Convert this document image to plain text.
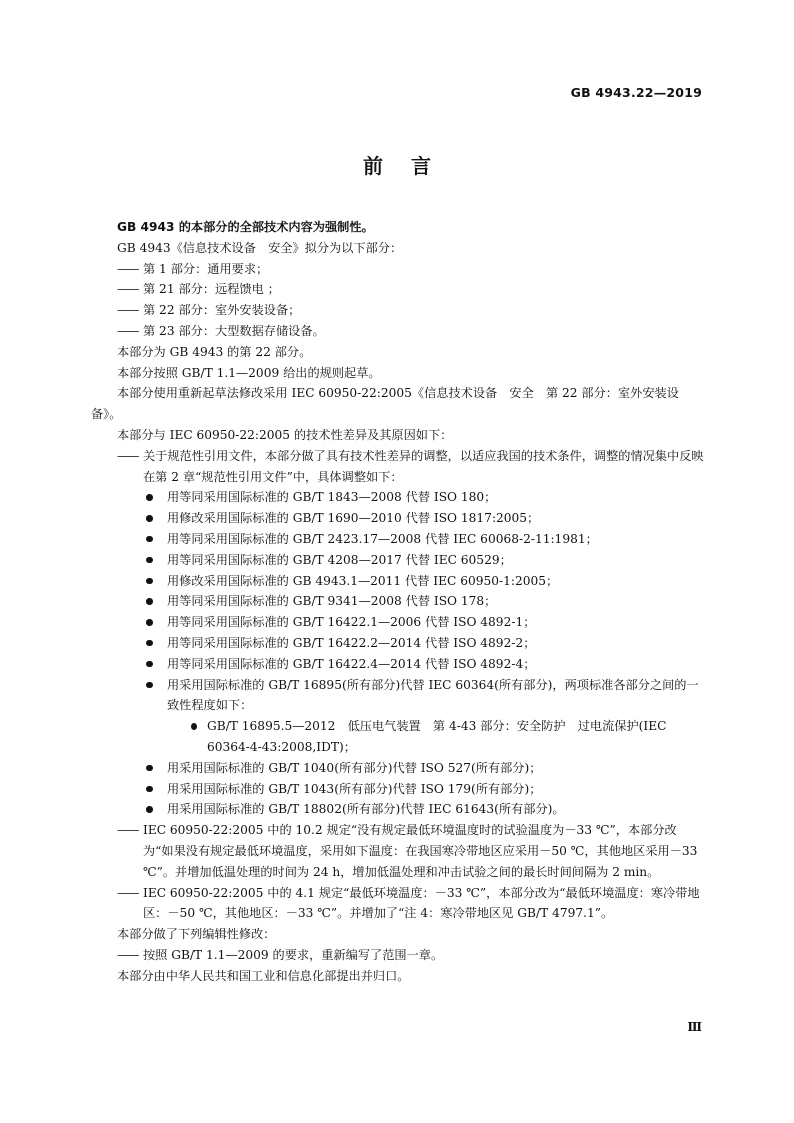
GB 4943.22—2019
前言

GB 4943 的本部分的全部技术内容为强制性。

GB 4943《信息技术设备　安全》拟分为以下部分：

—— 第 1 部分：通用要求；

—— 第 21 部分：远程馈电 ；

—— 第 22 部分：室外安装设备；

—— 第 23 部分：大型数据存储设备。

本部分为 GB 4943 的第 22 部分。

本部分按照 GB/T 1.1—2009 给出的规则起草。

本部分使用重新起草法修改采用 IEC 60950-22:2005《信息技术设备　安全　第 22 部分：室外安装设备》。

本部分与 IEC 60950-22:2005 的技术性差异及其原因如下：

—— 关于规范性引用文件，本部分做了具有技术性差异的调整，以适应我国的技术条件，调整的情况集中反映在第 2 章“规范性引用文件”中，具体调整如下：

用等同采用国际标准的 GB/T 1843—2008 代替 ISO 180；
用修改采用国际标准的 GB/T 1690—2010 代替 ISO 1817:2005；
用等同采用国际标准的 GB/T 2423.17—2008 代替 IEC 60068-2-11:1981；
用等同采用国际标准的 GB/T 4208—2017 代替 IEC 60529；
用修改采用国际标准的 GB 4943.1—2011 代替 IEC 60950-1:2005；
用等同采用国际标准的 GB/T 9341—2008 代替 ISO 178；
用等同采用国际标准的 GB/T 16422.1—2006 代替 ISO 4892-1；
用等同采用国际标准的 GB/T 16422.2—2014 代替 ISO 4892-2；
用等同采用国际标准的 GB/T 16422.4—2014 代替 ISO 4892-4；
用采用国际标准的 GB/T 16895(所有部分)代替 IEC 60364(所有部分)，两项标准各部分之间的一致性程度如下：
GB/T 16895.5—2012　低压电气装置　第 4-43 部分：安全防护　过电流保护(IEC 60364-4-43:2008,IDT)；
用采用国际标准的 GB/T 1040(所有部分)代替 ISO 527(所有部分)；
用采用国际标准的 GB/T 1043(所有部分)代替 ISO 179(所有部分)；
用采用国际标准的 GB/T 18802(所有部分)代替 IEC 61643(所有部分)。

—— IEC 60950-22:2005 中的 10.2 规定“没有规定最低环境温度时的试验温度为－33 ℃”，本部分改为“如果没有规定最低环境温度，采用如下温度：在我国寒冷带地区应采用－50 ℃，其他地区采用－33 ℃”。并增加低温处理的时间为 24 h，增加低温处理和冲击试验之间的最长时间间隔为 2 min。

—— IEC 60950-22:2005 中的 4.1 规定“最低环境温度：－33 ℃”，本部分改为“最低环境温度：寒冷带地区：－50 ℃，其他地区：－33 ℃”。并增加了“注 4：寒冷带地区见 GB/T 4797.1”。

本部分做了下列编辑性修改：

—— 按照 GB/T 1.1—2009 的要求，重新编写了范围一章。

本部分由中华人民共和国工业和信息化部提出并归口。

Ⅲ
